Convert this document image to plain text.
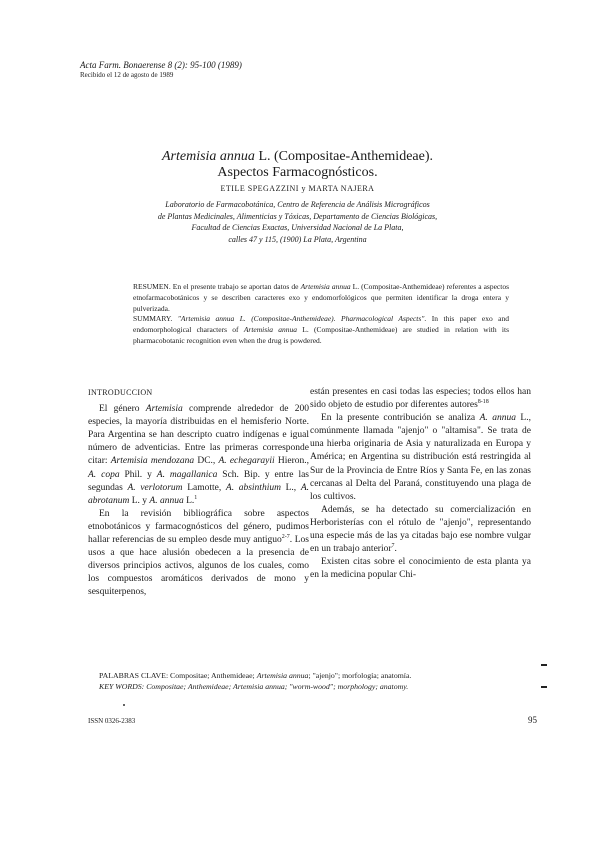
Acta Farm. Bonaerense 8 (2): 95-100 (1989)
Recibido el 12 de agosto de 1989
Artemisia annua L. (Compositae-Anthemideae).
Aspectos Farmacognósticos.
ETILE SPEGAZZINI y MARTA NAJERA
Laboratorio de Farmacobotánica, Centro de Referencia de Análisis Micrográficos
de Plantas Medicinales, Alimenticias y Tóxicas, Departamento de Ciencias Biológicas,
Facultad de Ciencias Exactas, Universidad Nacional de La Plata,
calles 47 y 115, (1900) La Plata, Argentina
RESUMEN. En el presente trabajo se aportan datos de Artemisia annua L. (Compositae-Anthemideae) referentes a aspectos etnofarmacobotánicos y se describen caracteres exo y endomorfológicos que permiten identificar la droga entera y pulverizada.
SUMMARY. "Artemisia annua L. (Compositae-Anthemideae). Pharmacological Aspects". In this paper exo and endomorphological characters of Artemisia annua L. (Compositae-Anthemideae) are studied in relation with its pharmacobotanic recognition even when the drug is powdered.
INTRODUCCION

El género Artemisia comprende alrededor de 200 especies, la mayoría distribuidas en el hemisferio Norte. Para Argentina se han descripto cuatro indígenas e igual número de adventicias. Entre las primeras corresponde citar: Artemisia mendozana DC., A. echegarayii Hieron., A. copa Phil. y A. magallanica Sch. Bip. y entre las segundas A. verlotorum Lamotte, A. absinthium L., A. abrotanum L. y A. annua L.$^1$

En la revisión bibliográfica sobre aspectos etnobotánicos y farmacognósticos del género, pudimos hallar referencias de su empleo desde muy antiguo$^{2-7}$. Los usos a que hace alusión obedecen a la presencia de diversos principios activos, algunos de los cuales, como los compuestos aromáticos derivados de mono y sesquiterpenos,

están presentes en casi todas las especies; todos ellos han sido objeto de estudio por diferentes autores$^{8-18}$

En la presente contribución se analiza A. annua L., comúnmente llamada "ajenjo" o "altamisa". Se trata de una hierba originaria de Asia y naturalizada en Europa y América; en Argentina su distribución está restringida al Sur de la Provincia de Entre Ríos y Santa Fe, en las zonas cercanas al Delta del Paraná, constituyendo una plaga de los cultivos.

Además, se ha detectado su comercialización en Herboristerías con el rótulo de "ajenjo", representando una especie más de las ya citadas bajo ese nombre vulgar en un trabajo anterior$^7$.

Existen citas sobre el conocimiento de esta planta ya en la medicina popular Chi-

PALABRAS CLAVE: Compositae; Anthemideae; Artemisia annua; "ajenjo"; morfología; anatomía.
KEY WORDS: Compositae; Anthemideae; Artemisia annua; "worm-wood"; morphology; anatomy.
ISSN 0326-2383	95
